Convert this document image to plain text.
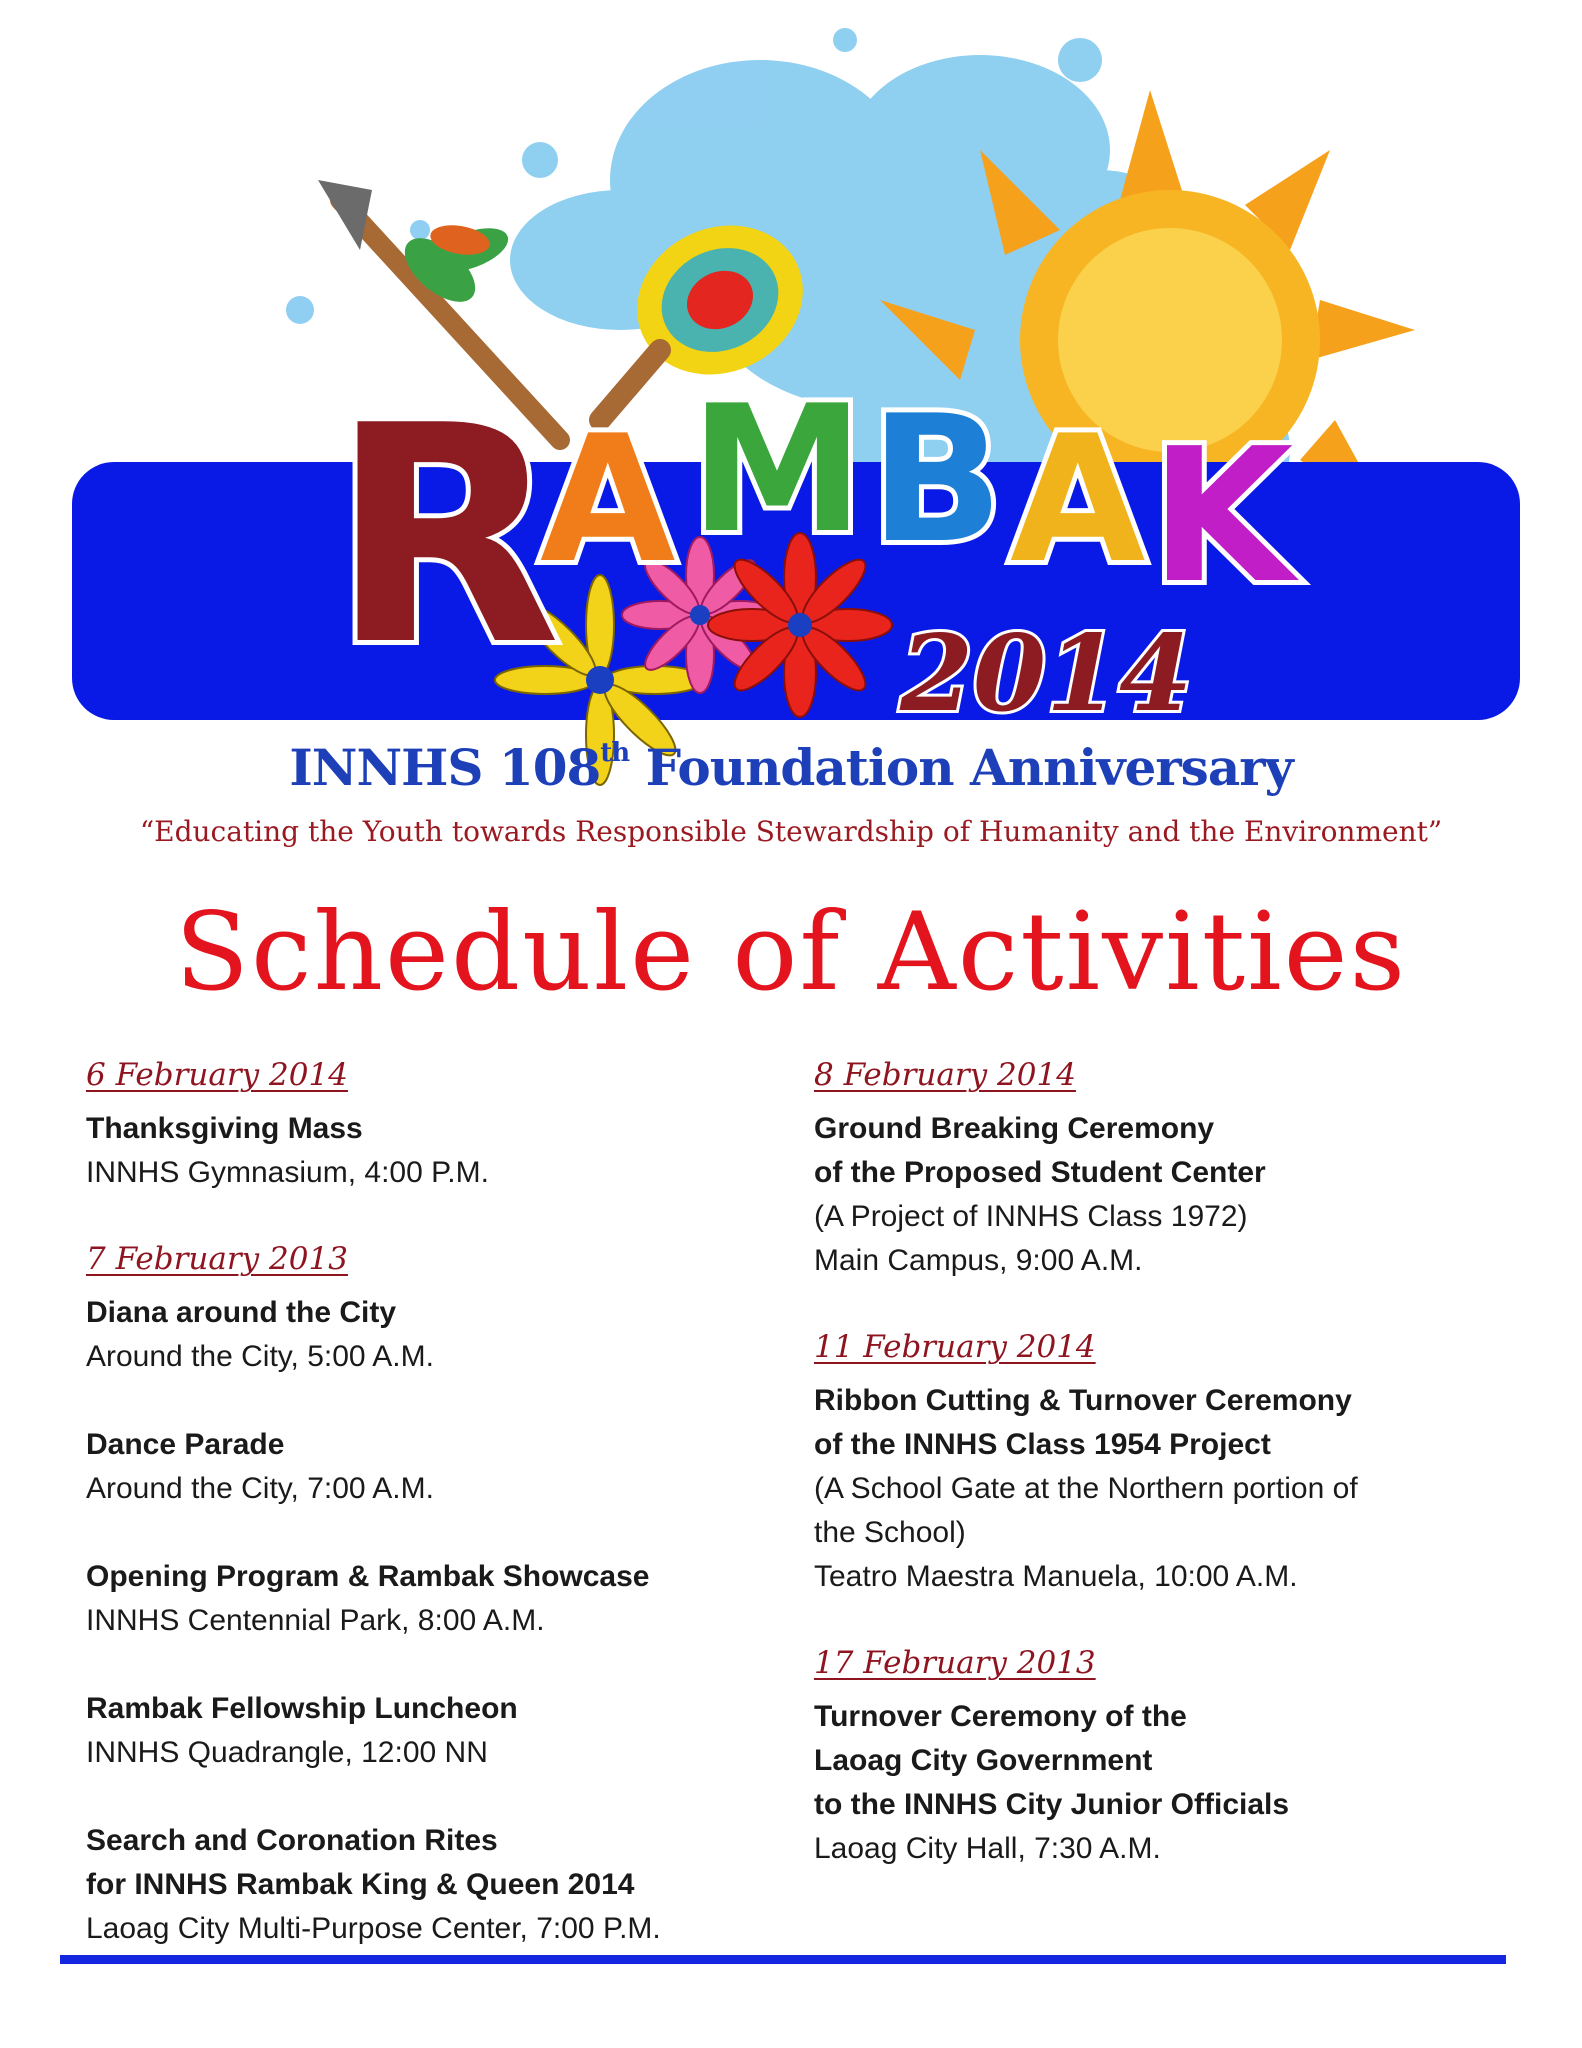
R
A M B A K
2014
INNHS 108th Foundation Anniversary
“Educating the Youth towards Responsible Stewardship of Humanity and the Environment”
Schedule of Activities
6 February 2014
Thanksgiving Mass
INNHS Gymnasium, 4:00 P.M.
7 February 2013
Diana around the City
Around the City, 5:00 A.M.
Dance Parade
Around the City, 7:00 A.M.
Opening Program & Rambak Showcase
INNHS Centennial Park, 8:00 A.M.
Rambak Fellowship Luncheon
INNHS Quadrangle, 12:00 NN
Search and Coronation Rites
for INNHS Rambak King & Queen 2014
Laoag City Multi-Purpose Center, 7:00 P.M.
8 February 2014
Ground Breaking Ceremony
of the Proposed Student Center
(A Project of INNHS Class 1972)
Main Campus, 9:00 A.M.
11 February 2014
Ribbon Cutting & Turnover Ceremony
of the INNHS Class 1954 Project
(A School Gate at the Northern portion of
the School)
Teatro Maestra Manuela, 10:00 A.M.
17 February 2013
Turnover Ceremony of the
Laoag City Government
to the INNHS City Junior Officials
Laoag City Hall, 7:30 A.M.
